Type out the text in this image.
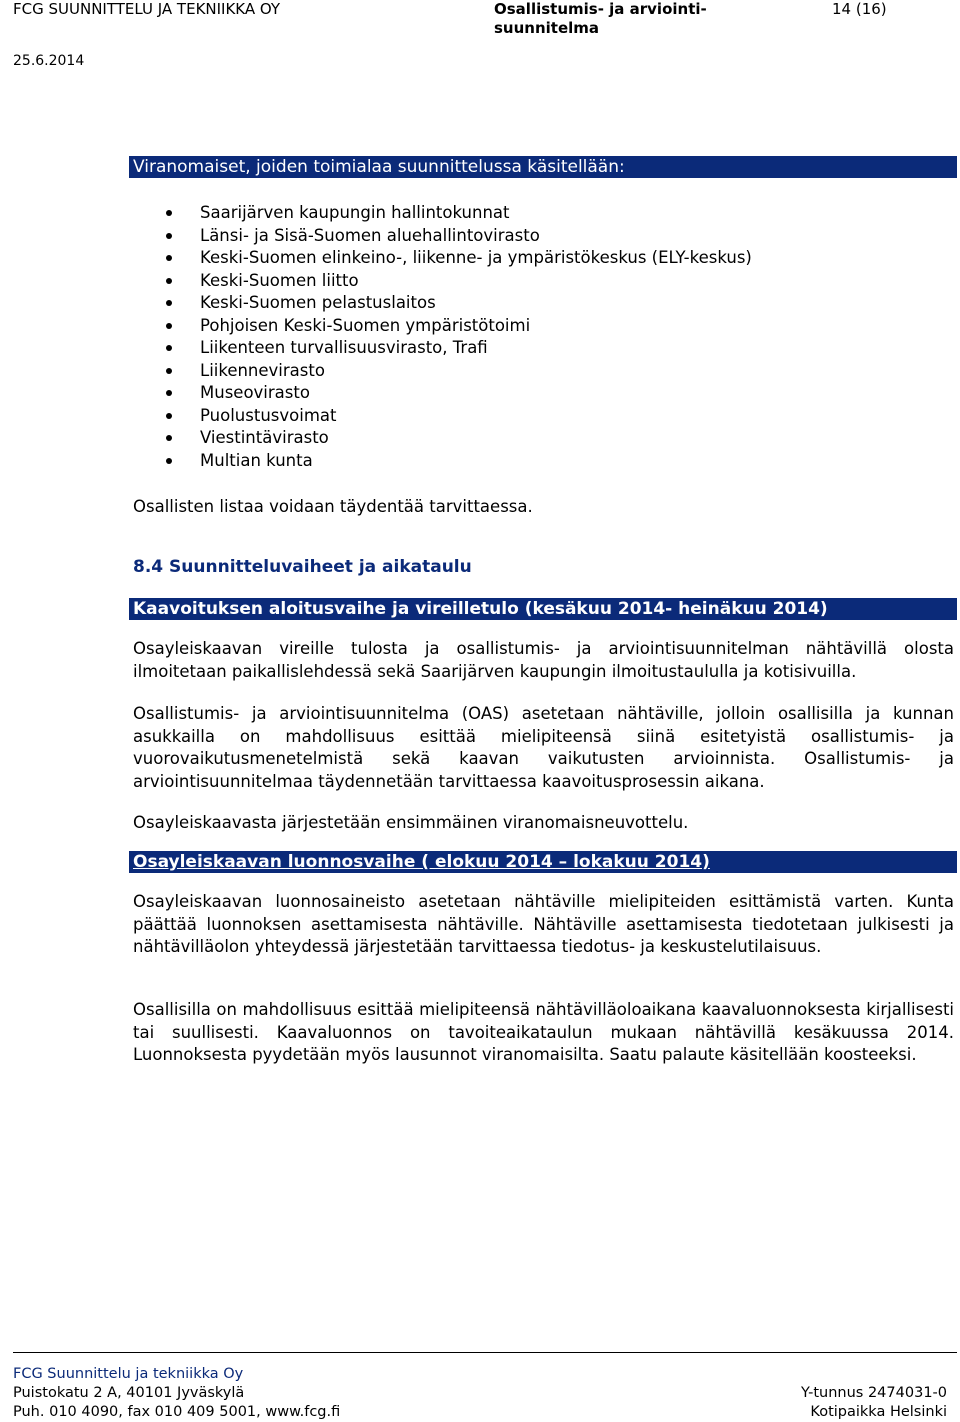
FCG SUUNNITTELU JA TEKNIIKKA OY	Osallistumis- ja arviointi-suunnitelma
14 (16)
25.6.2014
Viranomaiset, joiden toimialaa suunnittelussa käsitellään:
Saarijärven kaupungin hallintokunnat
Länsi- ja Sisä-Suomen aluehallintovirasto
Keski-Suomen elinkeino-, liikenne- ja ympäristökeskus (ELY-keskus)
Keski-Suomen liitto
Keski-Suomen pelastuslaitos
Pohjoisen Keski-Suomen ympäristötoimi
Liikenteen turvallisuusvirasto, Trafi
Liikennevirasto
Museovirasto
Puolustusvoimat
Viestintävirasto
Multian kunta
Osallisten listaa voidaan täydentää tarvittaessa.
8.4 Suunnitteluvaiheet ja aikataulu
Kaavoituksen aloitusvaihe ja vireilletulo (kesäkuu 2014- heinäkuu 2014)
Osayleiskaavan vireille tulosta ja osallistumis- ja arviointisuunnitelman nähtävillä olosta ilmoitetaan paikallislehdessä sekä Saarijärven kaupungin ilmoitustaululla ja kotisivuilla.
Osallistumis- ja arviointisuunnitelma (OAS) asetetaan nähtäville, jolloin osallisilla ja kunnan asukkailla on mahdollisuus esittää mielipiteensä siinä esitetyistä osallistumis- ja vuorovaikutusmenetelmistä sekä kaavan vaikutusten arvioinnista. Osallistumis- ja arviointisuunnitelmaa täydennetään tarvittaessa kaavoitusprosessin aikana.
Osayleiskaavasta järjestetään ensimmäinen viranomaisneuvottelu.
Osayleiskaavan luonnosvaihe ( elokuu 2014 – lokakuu 2014)
Osayleiskaavan luonnosaineisto asetetaan nähtäville mielipiteiden esittämistä varten. Kunta päättää luonnoksen asettamisesta nähtäville. Nähtäville asettamisesta tiedotetaan julkisesti ja nähtävilläolon yhteydessä järjestetään tarvittaessa tiedotus- ja keskustelutilaisuus.
Osallisilla on mahdollisuus esittää mielipiteensä nähtävilläoloaikana kaavaluonnoksesta kirjallisesti tai suullisesti. Kaavaluonnos on tavoiteaikataulun mukaan nähtävillä kesäkuussa 2014. Luonnoksesta pyydetään myös lausunnot viranomaisilta. Saatu palaute käsitellään koosteeksi.
FCG Suunnittelu ja tekniikka Oy
Puistokatu 2 A, 40101 Jyväskylä
Puh. 010 4090, fax 010 409 5001, www.fcg.fi
Y-tunnus 2474031-0
Kotipaikka Helsinki
